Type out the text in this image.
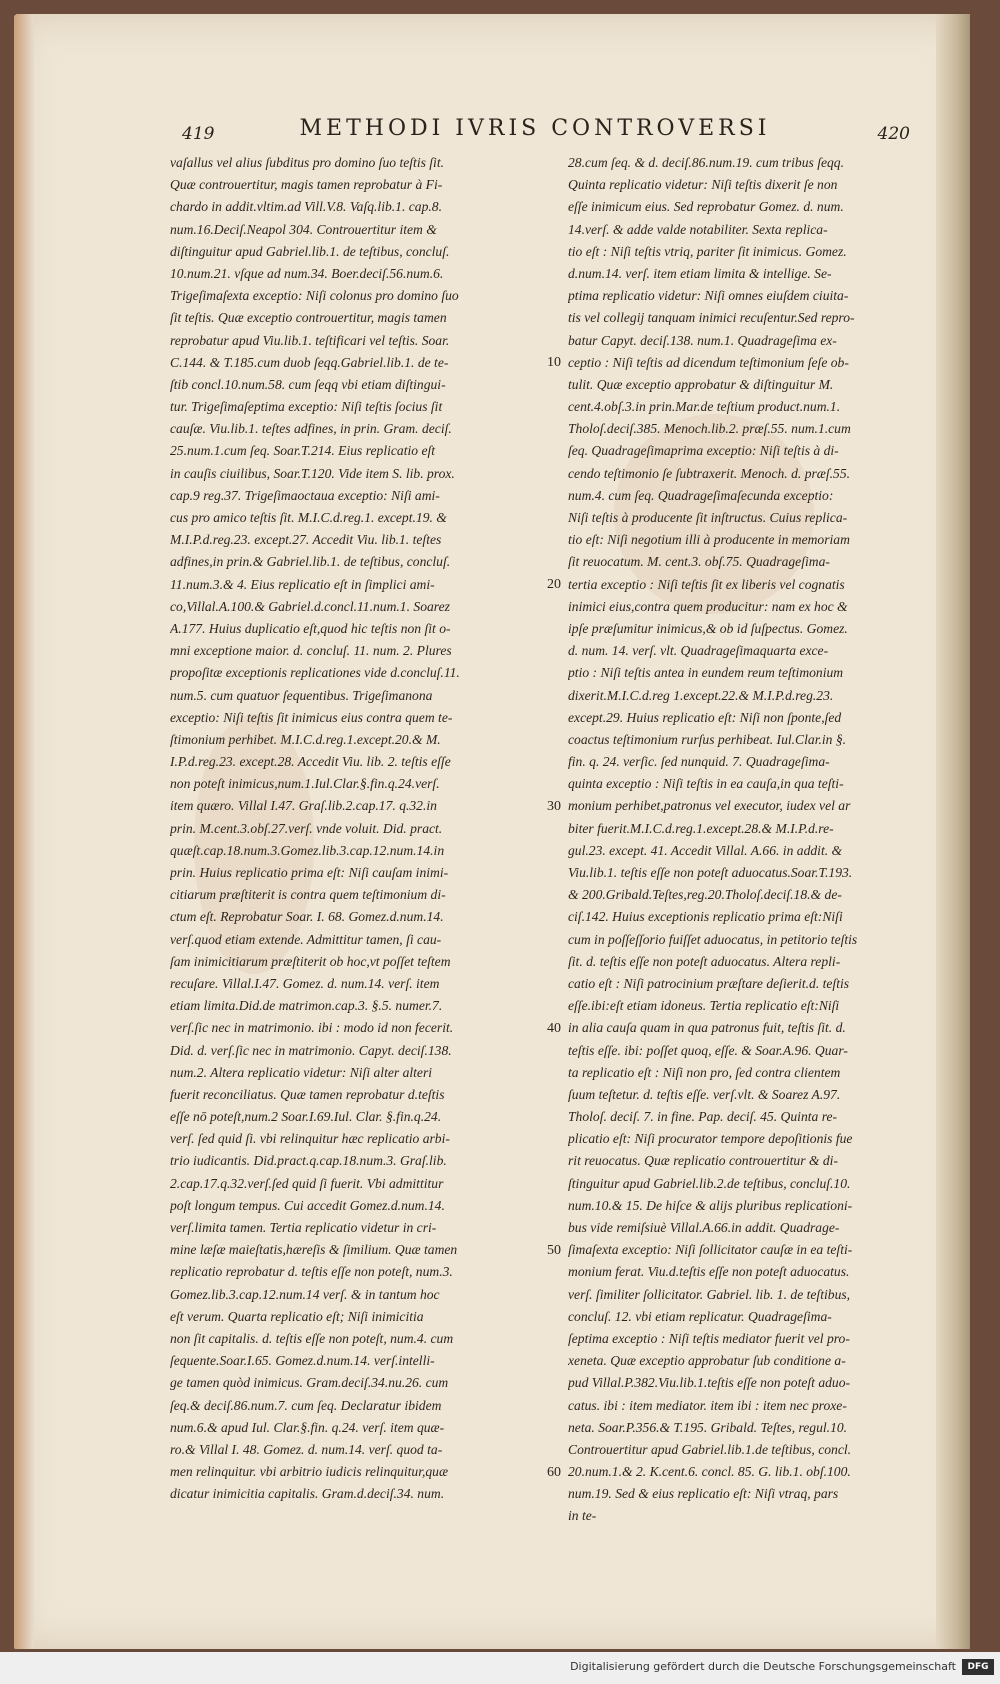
419	METHODI IVRIS CONTROVERSI	420
vaſallus vel alius ſubditus pro domino ſuo teſtis ſit.
Quæ controuertitur, magis tamen reprobatur à Fi-
chardo in addit.vltim.ad Vill.V.8. Vaſq.lib.1. cap.8.
num.16.Deciſ.Neapol 304. Controuertitur item &
diſtinguitur apud Gabriel.lib.1. de teſtibus, concluſ.
10.num.21. vſque ad num.34. Boer.deciſ.56.num.6.
Trigeſimaſexta exceptio: Niſi colonus pro domino ſuo
ſit teſtis. Quæ exceptio controuertitur, magis tamen
reprobatur apud Viu.lib.1. teſtificari vel teſtis. Soar.
C.144. & T.185.cum duob ſeqq.Gabriel.lib.1. de te-
ſtib concl.10.num.58. cum ſeqq vbi etiam diſtingui-
tur. Trigeſimaſeptima exceptio: Niſi teſtis ſocius ſit
cauſæ. Viu.lib.1. teſtes adfines, in prin. Gram. deciſ.
25.num.1.cum ſeq. Soar.T.214. Eius replicatio eſt
in cauſis ciuilibus, Soar.T.120. Vide item S. lib. prox.
cap.9 reg.37. Trigeſimaoctaua exceptio: Niſi ami-
cus pro amico teſtis ſit. M.I.C.d.reg.1. except.19. &
M.I.P.d.reg.23. except.27. Accedit Viu. lib.1. teſtes
adfines,in prin.& Gabriel.lib.1. de teſtibus, concluſ.
11.num.3.& 4. Eius replicatio eſt in ſimplici ami-
co,Villal.A.100.& Gabriel.d.concl.11.num.1. Soarez
A.177. Huius duplicatio eſt,quod hic teſtis non ſit o-
mni exceptione maior. d. concluſ. 11. num. 2. Plures
propoſitæ exceptionis replicationes vide d.concluſ.11.
num.5. cum quatuor ſequentibus. Trigeſimanona
exceptio: Niſi teſtis ſit inimicus eius contra quem te-
ſtimonium perhibet. M.I.C.d.reg.1.except.20.& M.
I.P.d.reg.23. except.28. Accedit Viu. lib. 2. teſtis eſſe
non poteſt inimicus,num.1.Iul.Clar.§.fin.q.24.verſ.
item quæro. Villal I.47. Graſ.lib.2.cap.17. q.32.in
prin. M.cent.3.obſ.27.verſ. vnde voluit. Did. pract.
quæſt.cap.18.num.3.Gomez.lib.3.cap.12.num.14.in
prin. Huius replicatio prima eſt: Niſi cauſam inimi-
citiarum præſtiterit is contra quem teſtimonium di-
ctum eſt. Reprobatur Soar. I. 68. Gomez.d.num.14.
verſ.quod etiam extende. Admittitur tamen, ſi cau-
ſam inimicitiarum præſtiterit ob hoc,vt poſſet teſtem
recuſare. Villal.I.47. Gomez. d. num.14. verſ. item
etiam limita.Did.de matrimon.cap.3. §.5. numer.7.
verſ.ſic nec in matrimonio. ibi : modo id non fecerit.
Did. d. verſ.ſic nec in matrimonio. Capyt. deciſ.138.
num.2. Altera replicatio videtur: Niſi alter alteri
fuerit reconciliatus. Quæ tamen reprobatur d.teſtis
eſſe nō poteſt,num.2 Soar.I.69.Iul. Clar. §.fin.q.24.
verſ. ſed quid ſi. vbi relinquitur hæc replicatio arbi-
trio iudicantis. Did.pract.q.cap.18.num.3. Graſ.lib.
2.cap.17.q.32.verſ.ſed quid ſi fuerit. Vbi admittitur
poſt longum tempus. Cui accedit Gomez.d.num.14.
verſ.limita tamen. Tertia replicatio videtur in cri-
mine læſæ maieſtatis,hæreſis & ſimilium. Quæ tamen
replicatio reprobatur d. teſtis eſſe non poteſt, num.3.
Gomez.lib.3.cap.12.num.14 verſ. & in tantum hoc
eſt verum. Quarta replicatio eſt; Niſi inimicitia
non ſit capitalis. d. teſtis eſſe non poteſt, num.4. cum
ſequente.Soar.I.65. Gomez.d.num.14. verſ.intelli-
ge tamen quòd inimicus. Gram.deciſ.34.nu.26. cum
ſeq.& deciſ.86.num.7. cum ſeq. Declaratur ibidem
num.6.& apud Iul. Clar.§.fin. q.24. verſ. item quæ-
ro.& Villal I. 48. Gomez. d. num.14. verſ. quod ta-
men relinquitur. vbi arbitrio iudicis relinquitur,quæ
dicatur inimicitia capitalis. Gram.d.deciſ.34. num.
10
20
30
40
50
60
28.cum ſeq. & d. deciſ.86.num.19. cum tribus ſeqq.
Quinta replicatio videtur: Niſi teſtis dixerit ſe non
eſſe inimicum eius. Sed reprobatur Gomez. d. num.
14.verſ. & adde valde notabiliter. Sexta replica-
tio eſt : Niſi teſtis vtriq, pariter ſit inimicus. Gomez.
d.num.14. verſ. item etiam limita & intellige. Se-
ptima replicatio videtur: Niſi omnes eiuſdem ciuita-
tis vel collegij tanquam inimici recuſentur.Sed repro-
batur Capyt. deciſ.138. num.1. Quadrageſima ex-
ceptio : Niſi teſtis ad dicendum teſtimonium ſeſe ob-
tulit. Quæ exceptio approbatur & diſtinguitur M.
cent.4.obſ.3.in prin.Mar.de teſtium product.num.1.
Tholoſ.deciſ.385. Menoch.lib.2. præſ.55. num.1.cum
ſeq. Quadrageſimaprima exceptio: Niſi teſtis à di-
cendo teſtimonio ſe ſubtraxerit. Menoch. d. præſ.55.
num.4. cum ſeq. Quadrageſimaſecunda exceptio:
Niſi teſtis à producente ſit inſtructus. Cuius replica-
tio eſt: Niſi negotium illi à producente in memoriam
ſit reuocatum. M. cent.3. obſ.75. Quadrageſima-
tertia exceptio : Niſi teſtis ſit ex liberis vel cognatis
inimici eius,contra quem producitur: nam ex hoc &
ipſe præſumitur inimicus,& ob id ſuſpectus. Gomez.
d. num. 14. verſ. vlt. Quadrageſimaquarta exce-
ptio : Niſi teſtis antea in eundem reum teſtimonium
dixerit.M.I.C.d.reg 1.except.22.& M.I.P.d.reg.23.
except.29. Huius replicatio eſt: Niſi non ſponte,ſed
coactus teſtimonium rurſus perhibeat. Iul.Clar.in §.
fin. q. 24. verſic. ſed nunquid. 7. Quadrageſima-
quinta exceptio : Niſi teſtis in ea cauſa,in qua teſti-
monium perhibet,patronus vel executor, iudex vel ar
biter fuerit.M.I.C.d.reg.1.except.28.& M.I.P.d.re-
gul.23. except. 41. Accedit Villal. A.66. in addit. &
Viu.lib.1. teſtis eſſe non poteſt aduocatus.Soar.T.193.
& 200.Gribald.Teſtes,reg.20.Tholoſ.deciſ.18.& de-
ciſ.142. Huius exceptionis replicatio prima eſt:Niſi
cum in poſſeſſorio fuiſſet aduocatus, in petitorio teſtis
ſit. d. teſtis eſſe non poteſt aduocatus. Altera repli-
catio eſt : Niſi patrocinium præſtare deſierit.d. teſtis
eſſe.ibi:eſt etiam idoneus. Tertia replicatio eſt:Niſi
in alia cauſa quam in qua patronus fuit, teſtis ſit. d.
teſtis eſſe. ibi: poſſet quoq, eſſe. & Soar.A.96. Quar-
ta replicatio eſt : Niſi non pro, ſed contra clientem
ſuum teſtetur. d. teſtis eſſe. verſ.vlt. & Soarez A.97.
Tholoſ. deciſ. 7. in fine. Pap. deciſ. 45. Quinta re-
plicatio eſt: Niſi procurator tempore depoſitionis fue
rit reuocatus. Quæ replicatio controuertitur & di-
ſtinguitur apud Gabriel.lib.2.de teſtibus, concluſ.10.
num.10.& 15. De hiſce & alijs pluribus replicationi-
bus vide remiſsiuè Villal.A.66.in addit. Quadrage-
ſimaſexta exceptio: Niſi ſollicitator cauſæ in ea teſti-
monium ferat. Viu.d.teſtis eſſe non poteſt aduocatus.
verſ. ſimiliter ſollicitator. Gabriel. lib. 1. de teſtibus,
concluſ. 12. vbi etiam replicatur. Quadrageſima-
ſeptima exceptio : Niſi teſtis mediator fuerit vel pro-
xeneta. Quæ exceptio approbatur ſub conditione a-
pud Villal.P.382.Viu.lib.1.teſtis eſſe non poteſt aduo-
catus. ibi : item mediator. item ibi : item nec proxe-
neta. Soar.P.356.& T.195. Gribald. Teſtes, regul.10.
Controuertitur apud Gabriel.lib.1.de teſtibus, concl.
20.num.1.& 2. K.cent.6. concl. 85. G. lib.1. obſ.100.
num.19. Sed & eius replicatio eſt: Niſi vtraq, pars
in te-
Digitalisierung gefördert durch die Deutsche Forschungsgemeinschaft	DFG
